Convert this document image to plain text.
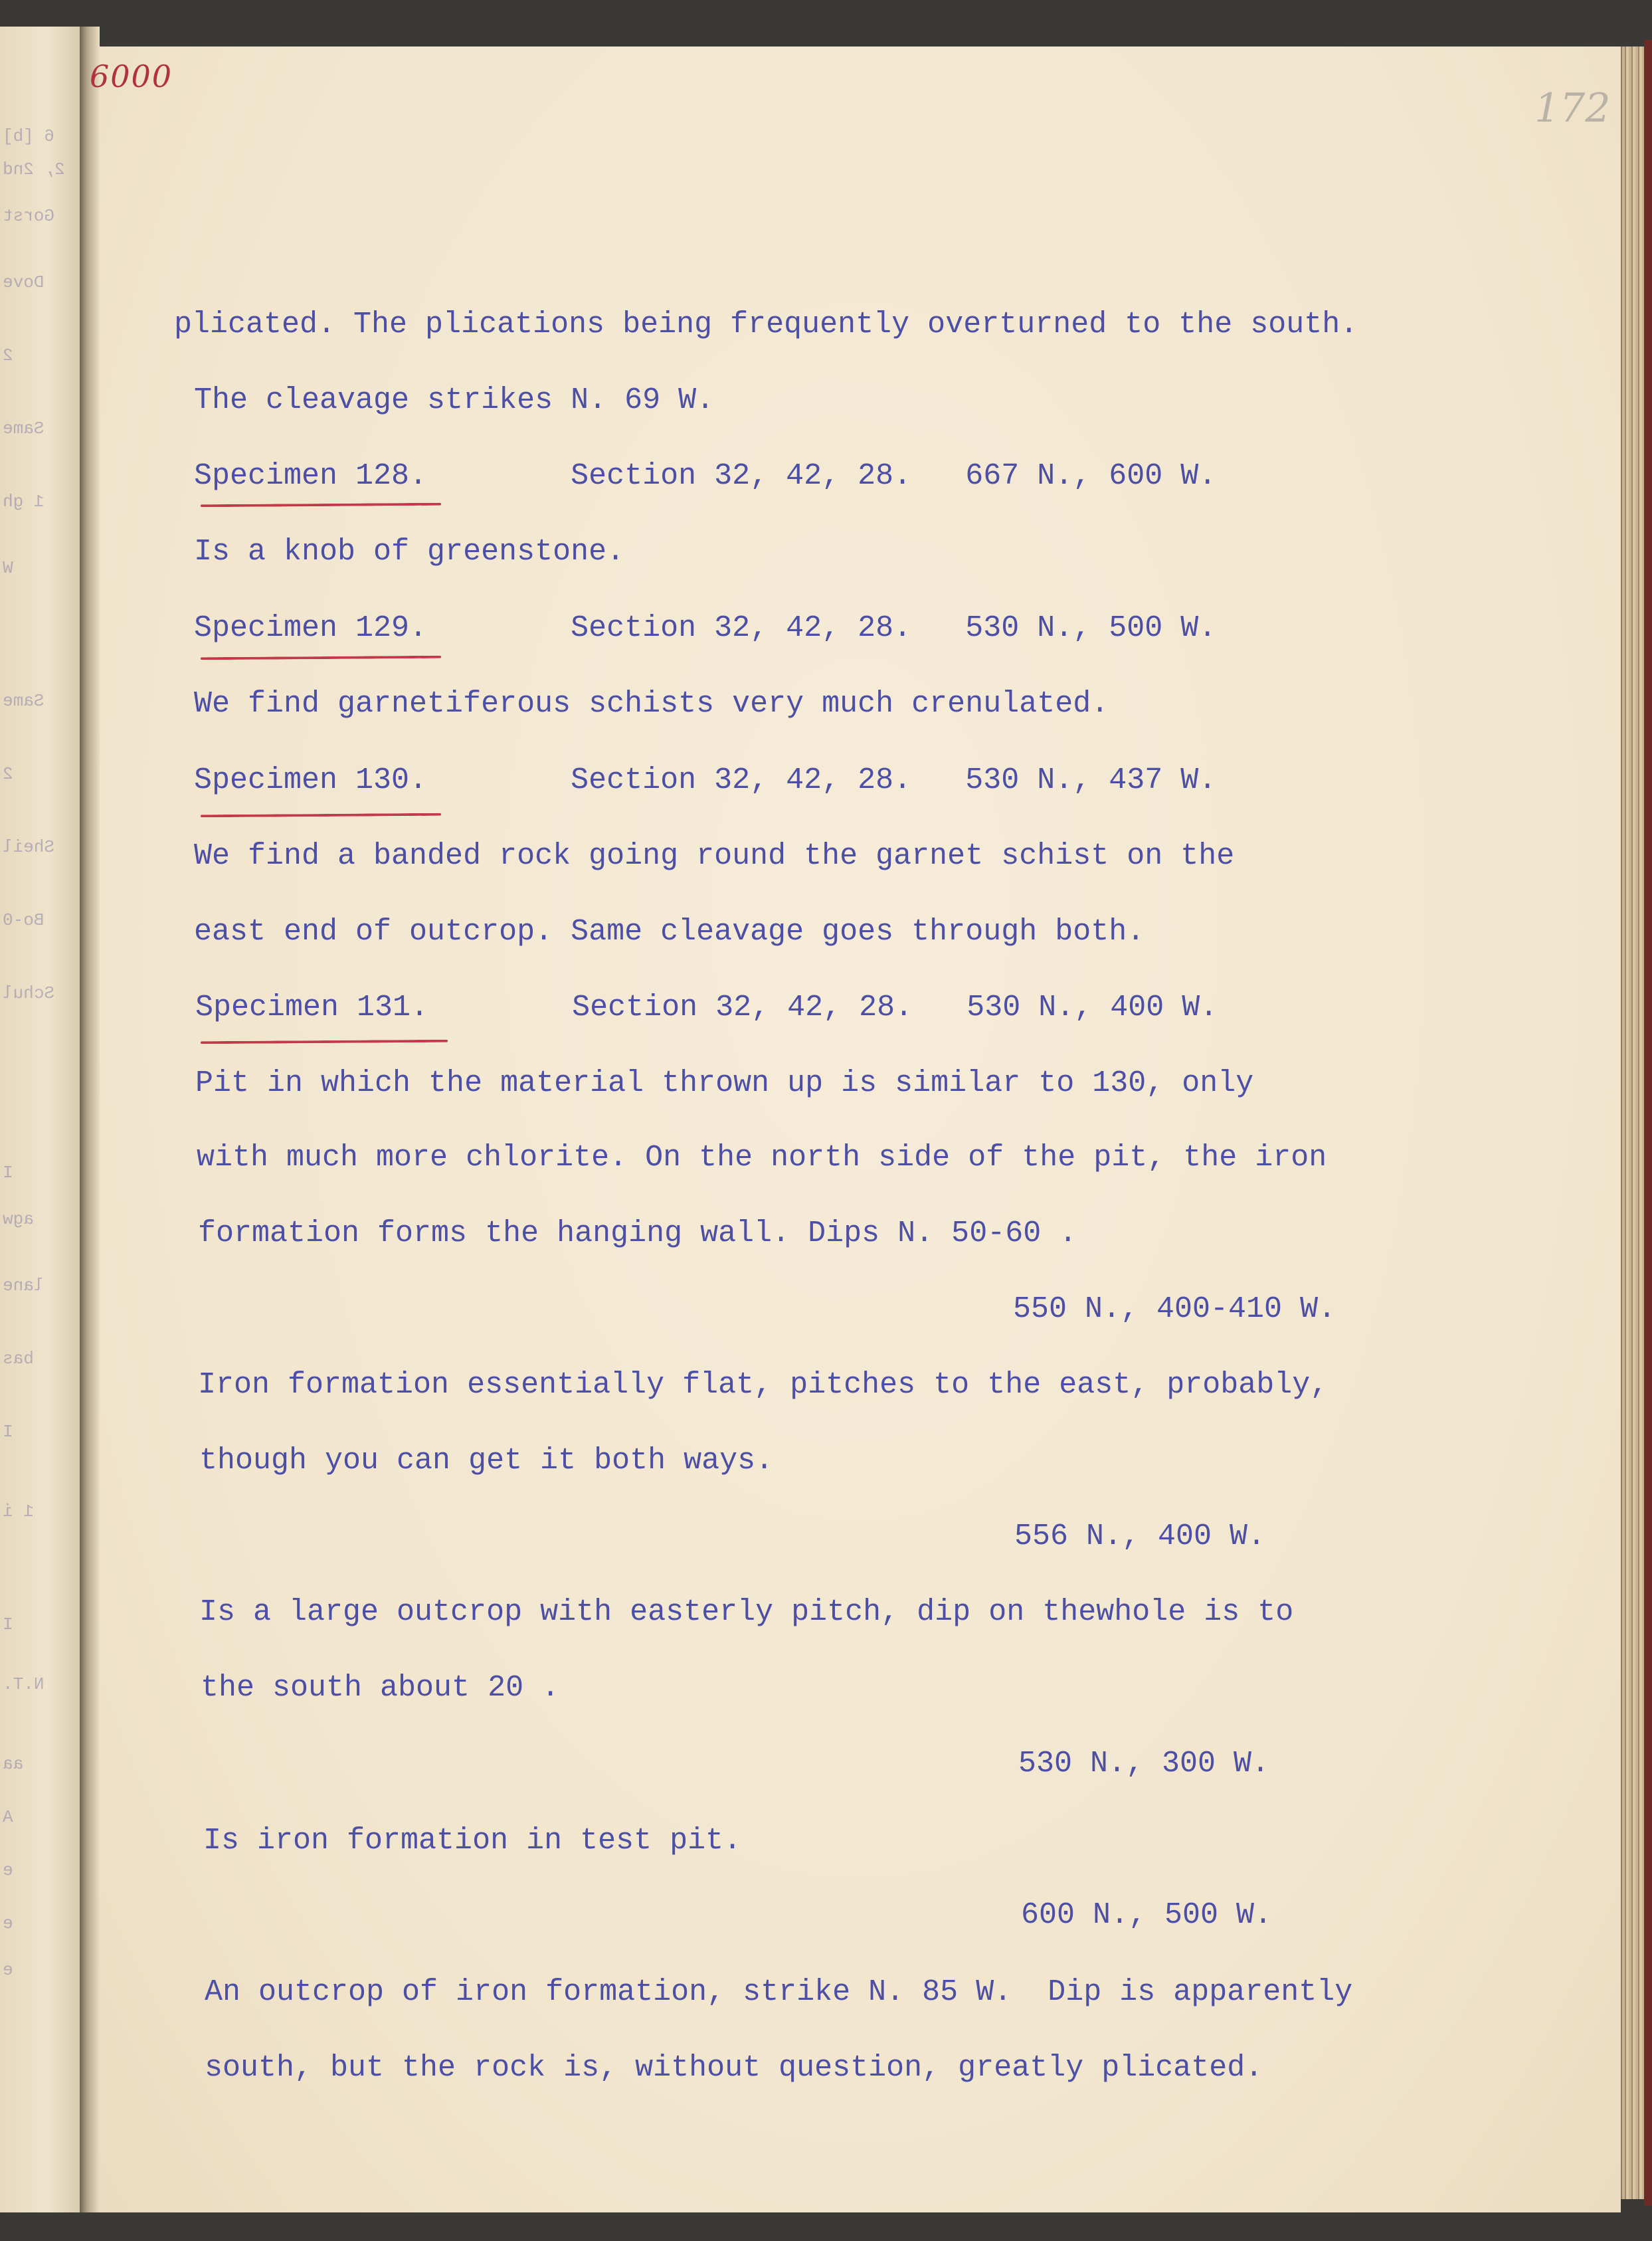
6 [b]
2, 2nd
Gorst
Dove
2
Same
1 gh
W
Same
2
Sheil
Bo-0
Schul
I
agw
lane
bas
I
1 i
I
N.T.
aa
A
e
e
e
6000
172
plicated. The plications being frequently overturned to the south.
The cleavage strikes N. 69 W.
Specimen 128.        Section 32, 42, 28.   667 N., 600 W.
Is a knob of greenstone.
Specimen 129.        Section 32, 42, 28.   530 N., 500 W.
We find garnetiferous schists very much crenulated.
Specimen 130.        Section 32, 42, 28.   530 N., 437 W.
We find a banded rock going round the garnet schist on the
east end of outcrop. Same cleavage goes through both.
Specimen 131.        Section 32, 42, 28.   530 N., 400 W.
Pit in which the material thrown up is similar to 130, only
with much more chlorite. On the north side of the pit, the iron
formation forms the hanging wall. Dips N. 50-60 .
550 N., 400-410 W.
Iron formation essentially flat, pitches to the east, probably,
though you can get it both ways.
556 N., 400 W.
Is a large outcrop with easterly pitch, dip on thewhole is to
the south about 20 .
530 N., 300 W.
Is iron formation in test pit.
600 N., 500 W.
An outcrop of iron formation, strike N. 85 W.  Dip is apparently
south, but the rock is, without question, greatly plicated.
